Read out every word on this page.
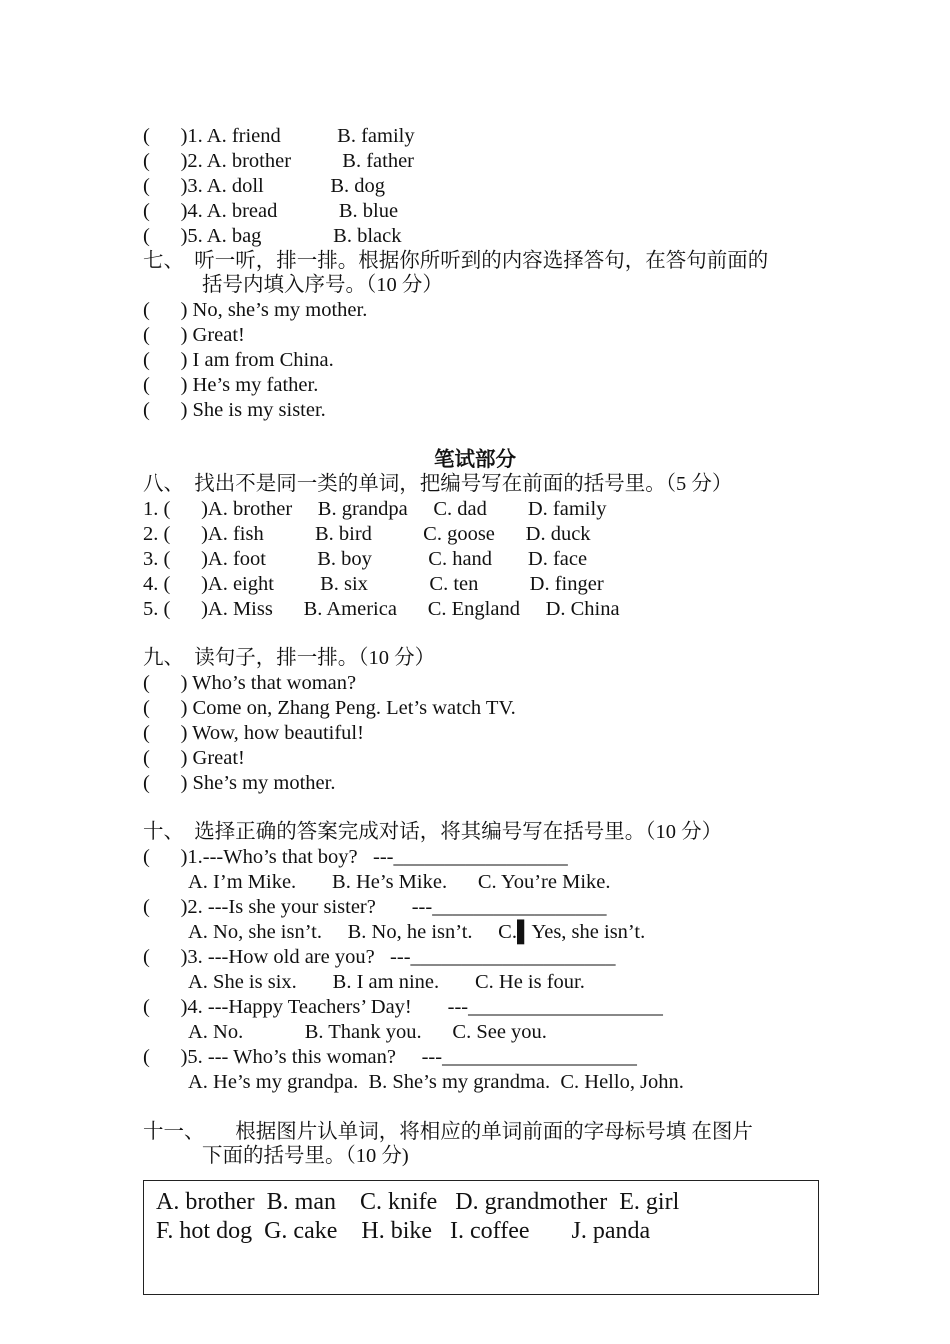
(      )1. A. friend           B. family
(      )2. A. brother          B. father
(      )3. A. doll             B. dog
(      )4. A. bread            B. blue
(      )5. A. bag              B. black
七、  听一听，排一排。根据你所听到的内容选择答句，在答句前面的
括号内填入序号。（10 分）
(      ) No, she’s my mother.
(      ) Great!
(      ) I am from China.
(      ) He’s my father.
(      ) She is my sister.
笔试部分
八、  找出不是同一类的单词，把编号写在前面的括号里。（5 分）
1. (      )A. brother     B. grandpa     C. dad        D. family
2. (      )A. fish          B. bird          C. goose      D. duck
3. (      )A. foot          B. boy           C. hand       D. face
4. (      )A. eight         B. six            C. ten          D. finger
5. (      )A. Miss      B. America      C. England     D. China
九、  读句子，排一排。（10 分）
(      ) Who’s that woman?
(      ) Come on, Zhang Peng. Let’s watch TV.
(      ) Wow, how beautiful!
(      ) Great!
(      ) She’s my mother.
十、  选择正确的答案完成对话，将其编号写在括号里。（10 分）
(      )1.---Who’s that boy?   ---_________________
A. I’m Mike.       B. He’s Mike.      C. You’re Mike.
(      )2. ---Is she your sister?       ---_________________
A. No, she isn’t.     B. No, he isn’t.     C.▌Yes, she isn’t.
(      )3. ---How old are you?   ---____________________
A. She is six.       B. I am nine.       C. He is four.
(      )4. ---Happy Teachers’ Day!       ---___________________
A. No.            B. Thank you.      C. See you.
(      )5. --- Who’s this woman?     ---___________________
A. He’s my grandpa.  B. She’s my grandma.  C. Hello, John.
十一、      根据图片认单词，将相应的单词前面的字母标号填 在图片
下面的括号里。（10 分)
A. brother  B. man    C. knife   D. grandmother  E. girl
F. hot dog  G. cake    H. bike   I. coffee       J. panda
